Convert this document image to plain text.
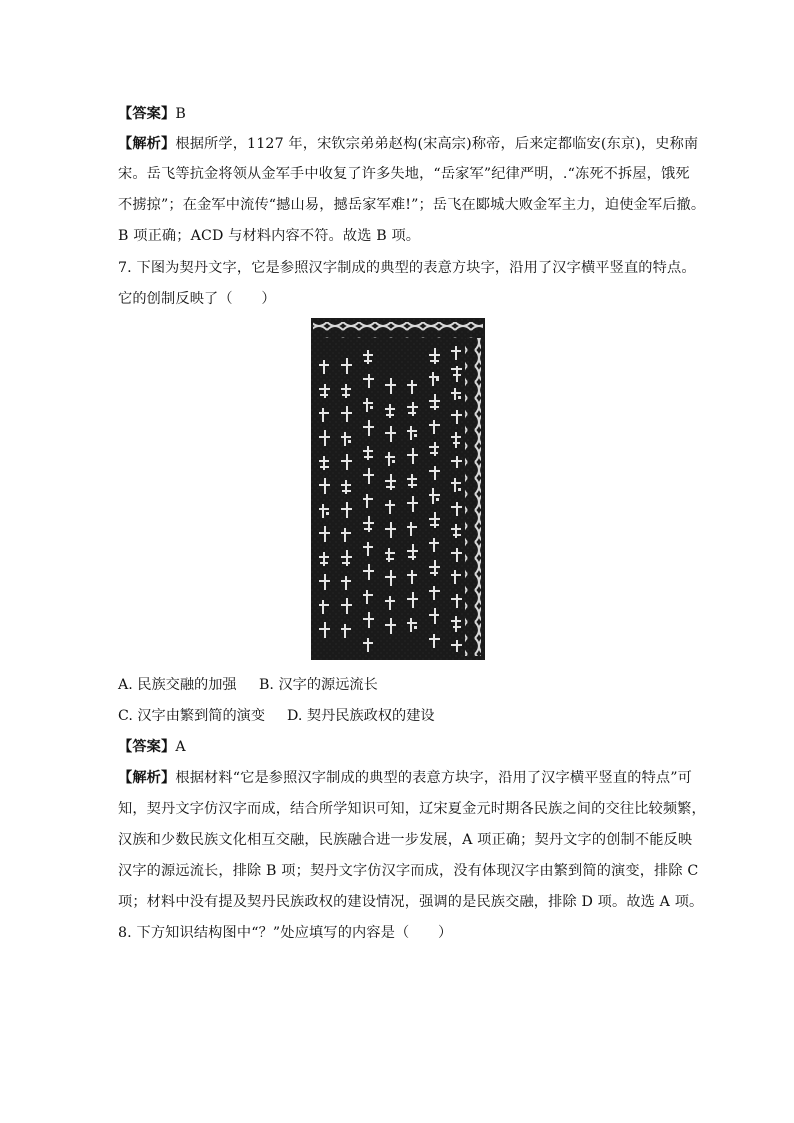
【答案】B
【解析】根据所学，1127 年，宋钦宗弟弟赵构(宋高宗)称帝，后来定都临安(东京)，史称南
宋。岳飞等抗金将领从金军手中收复了许多失地，“岳家军”纪律严明，.“冻死不拆屋，饿死
不掳掠”；在金军中流传“撼山易，撼岳家军难!”；岳飞在郾城大败金军主力，迫使金军后撤。
B 项正确；ACD 与材料内容不符。故选 B 项。
7. 下图为契丹文字，它是参照汉字制成的典型的表意方块字，沿用了汉字横平竖直的特点。
它的创制反映了（　　）
A. 民族交融的加强 B. 汉字的源远流长
C. 汉字由繁到简的演变 D. 契丹民族政权的建设
【答案】A
【解析】根据材料“它是参照汉字制成的典型的表意方块字，沿用了汉字横平竖直的特点”可
知，契丹文字仿汉字而成，结合所学知识可知，辽宋夏金元时期各民族之间的交往比较频繁，
汉族和少数民族文化相互交融，民族融合进一步发展，A 项正确；契丹文字的创制不能反映
汉字的源远流长，排除 B 项；契丹文字仿汉字而成，没有体现汉字由繁到简的演变，排除 C
项；材料中没有提及契丹民族政权的建设情况，强调的是民族交融，排除 D 项。故选 A 项。
8. 下方知识结构图中“？”处应填写的内容是（　　）
